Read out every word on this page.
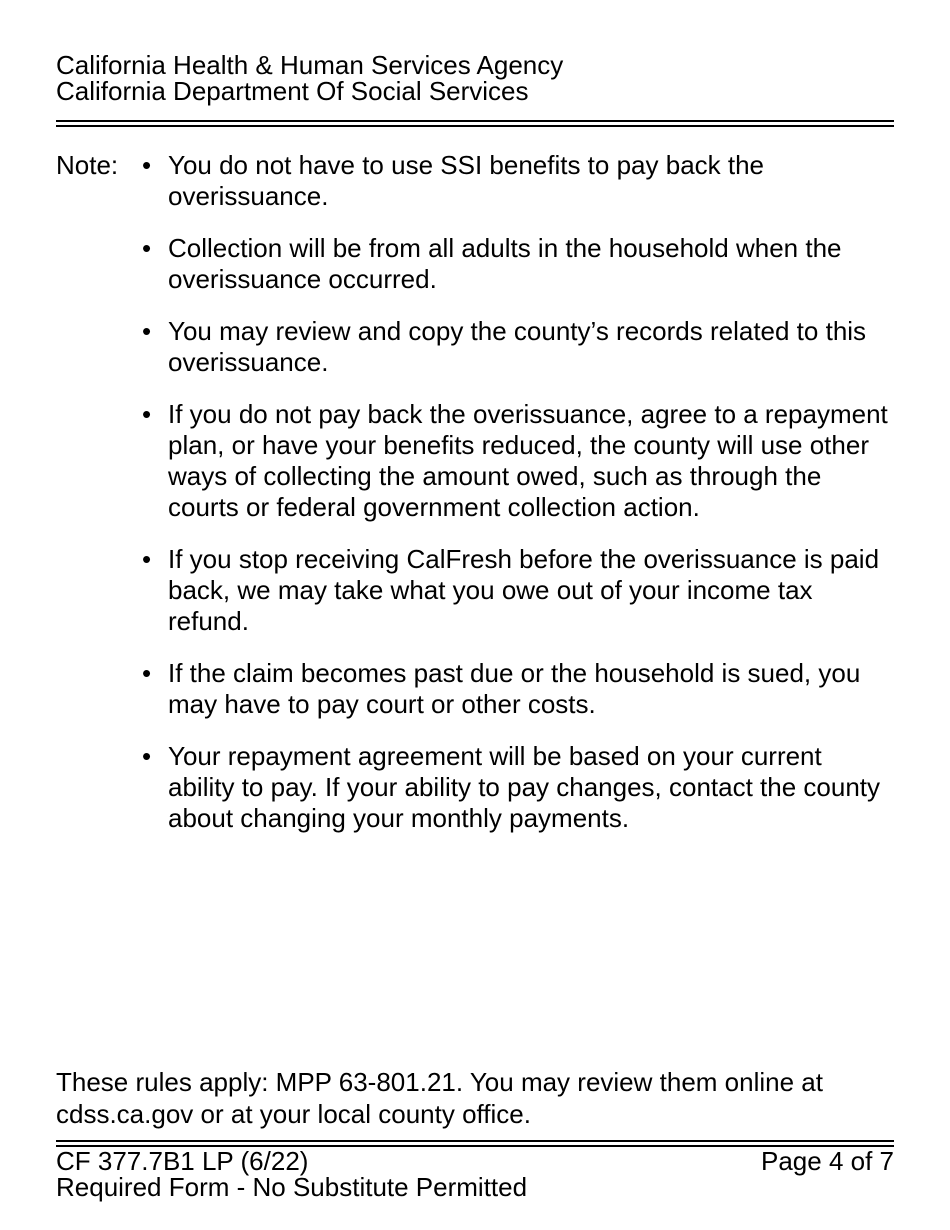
California Health & Human Services Agency
California Department Of Social Services
Note: • You do not have to use SSI benefits to pay back the overissuance.
• Collection will be from all adults in the household when the overissuance occurred.
• You may review and copy the county’s records related to this overissuance.
• If you do not pay back the overissuance, agree to a repayment plan, or have your benefits reduced, the county will use other ways of collecting the amount owed, such as through the courts or federal government collection action.
• If you stop receiving CalFresh before the overissuance is paid back, we may take what you owe out of your income tax refund.
• If the claim becomes past due or the household is sued, you may have to pay court or other costs.
• Your repayment agreement will be based on your current ability to pay. If your ability to pay changes, contact the county about changing your monthly payments.
These rules apply: MPP 63-801.21. You may review them online at cdss.ca.gov or at your local county office.
CF 377.7B1 LP (6/22)	Page 4 of 7
Required Form - No Substitute Permitted
